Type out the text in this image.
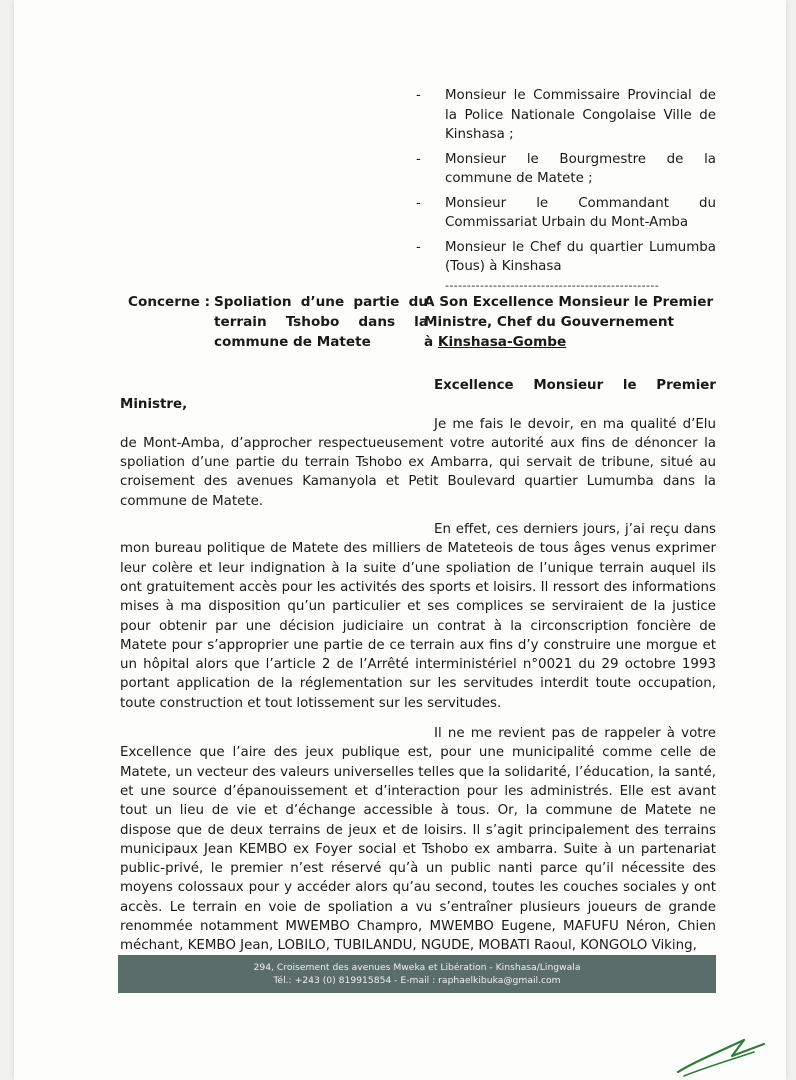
-	Monsieur le Commissaire Provincial de la Police Nationale Congolaise Ville de Kinshasa ;
-	Monsieur le Bourgmestre de la commune de Matete ;
-	Monsieur le Commandant du Commissariat Urbain du Mont-Amba
-	Monsieur le Chef du quartier Lumumba (Tous) à Kinshasa
-------------------------------------------------
Concerne : Spoliation d’une partie du terrain Tshobo dans la commune de Matete
A Son Excellence Monsieur le Premier Ministre, Chef du Gouvernement
à Kinshasa-Gombe

Excellence Monsieur le Premier

Ministre,

Je me fais le devoir, en ma qualité d’Elu de Mont-Amba, d’approcher respectueusement votre autorité aux fins de dénoncer la spoliation d’une partie du terrain Tshobo ex Ambarra, qui servait de tribune, situé au croisement des avenues Kamanyola et Petit Boulevard quartier Lumumba dans la commune de Matete.

En effet, ces derniers jours, j’ai reçu dans mon bureau politique de Matete des milliers de Mateteois de tous âges venus exprimer leur colère et leur indignation à la suite d’une spoliation de l’unique terrain auquel ils ont gratuitement accès pour les activités des sports et loisirs. Il ressort des informations mises à ma disposition qu’un particulier et ses complices se serviraient de la justice pour obtenir par une décision judiciaire un contrat à la circonscription foncière de Matete pour s’approprier une partie de ce terrain aux fins d’y construire une morgue et un hôpital alors que l’article 2 de l’Arrêté interministériel n°0021 du 29 octobre 1993 portant application de la réglementation sur les servitudes interdit toute occupation, toute construction et tout lotissement sur les servitudes.

Il ne me revient pas de rappeler à votre Excellence que l’aire des jeux publique est, pour une municipalité comme celle de Matete, un vecteur des valeurs universelles telles que la solidarité, l’éducation, la santé, et une source d’épanouissement et d’interaction pour les administrés. Elle est avant tout un lieu de vie et d’échange accessible à tous. Or, la commune de Matete ne dispose que de deux terrains de jeux et de loisirs. Il s’agit principalement des terrains municipaux Jean KEMBO ex Foyer social et Tshobo ex ambarra. Suite à un partenariat public-privé, le premier n’est réservé qu’à un public nanti parce qu’il nécessite des moyens colossaux pour y accéder alors qu’au second, toutes les couches sociales y ont accès. Le terrain en voie de spoliation a vu s’entraîner plusieurs joueurs de grande renommée notamment MWEMBO Champro, MWEMBO Eugene, MAFUFU Néron, Chien méchant, KEMBO Jean, LOBILO, TUBILANDU, NGUDE, MOBATI Raoul, KONGOLO Viking,

294, Croisement des avenues Mweka et Libération - Kinshasa/Lingwala
Tél.: +243 (0) 819915854 - E-mail : raphaelkibuka@gmail.com
